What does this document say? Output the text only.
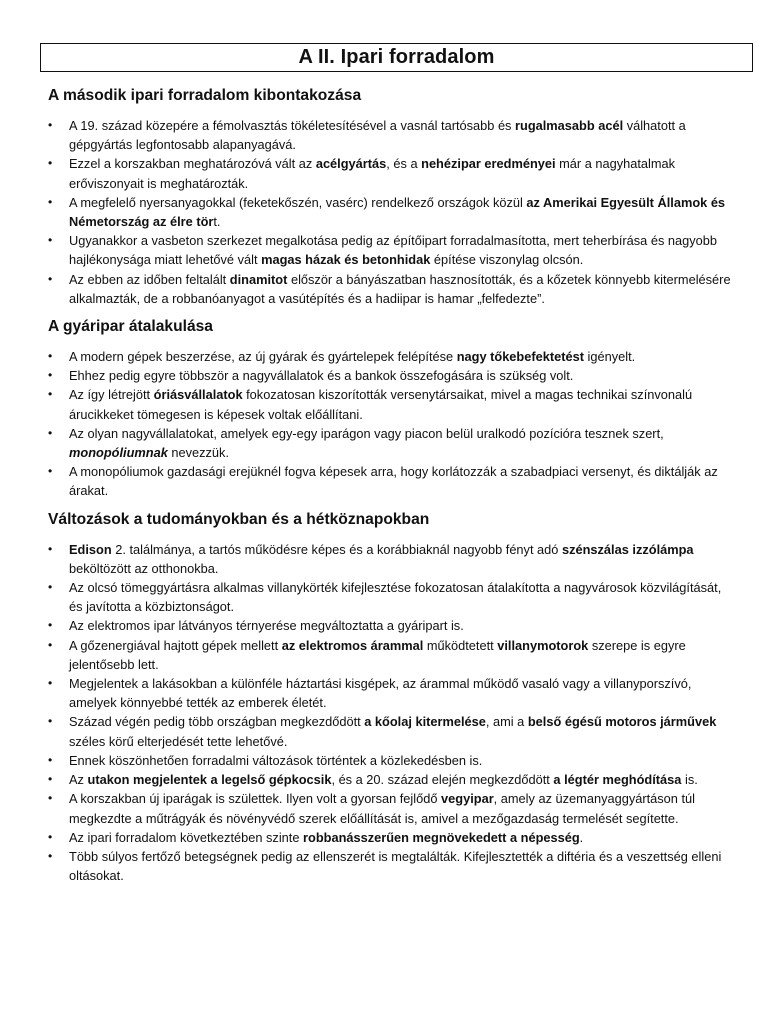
A II. Ipari forradalom
A második ipari forradalom kibontakozása
• A 19. század közepére a fémolvasztás tökéletesítésével a vasnál tartósabb és rugalmasabb acél válhatott a gépgyártás legfontosabb alapanyagává.
• Ezzel a korszakban meghatározóvá vált az acélgyártás, és a nehézipar eredményei már a nagyhatalmak erőviszonyait is meghatározták.
• A megfelelő nyersanyagokkal (feketekőszén, vasérc) rendelkező országok közül az Amerikai Egyesült Államok és Németország az élre tört.
• Ugyanakkor a vasbeton szerkezet megalkotása pedig az építőipart forradalmasította, mert teherbírása és nagyobb hajlékonysága miatt lehetővé vált magas házak és betonhidak építése viszonylag olcsón.
• Az ebben az időben feltalált dinamitot először a bányászatban hasznosították, és a kőzetek könnyebb kitermelésére alkalmazták, de a robbanóanyagot a vasútépítés és a hadiipar is hamar „felfedezte”.
A gyáripar átalakulása
• A modern gépek beszerzése, az új gyárak és gyártelepek felépítése nagy tőkebefektetést igényelt.
• Ehhez pedig egyre többször a nagyvállalatok és a bankok összefogására is szükség volt.
• Az így létrejött óriásvállalatok fokozatosan kiszorították versenytársaikat, mivel a magas technikai színvonalú árucikkeket tömegesen is képesek voltak előállítani.
• Az olyan nagyvállalatokat, amelyek egy-egy iparágon vagy piacon belül uralkodó pozícióra tesznek szert, monopóliumnak nevezzük.
• A monopóliumok gazdasági erejüknél fogva képesek arra, hogy korlátozzák a szabadpiaci versenyt, és diktálják az árakat.
Változások a tudományokban és a hétköznapokban
• Edison 2. találmánya, a tartós működésre képes és a korábbiaknál nagyobb fényt adó szénszálas izzólámpa beköltözött az otthonokba.
• Az olcsó tömeggyártásra alkalmas villanykörték kifejlesztése fokozatosan átalakította a nagyvárosok közvilágítását, és javította a közbiztonságot.
• Az elektromos ipar látványos térnyerése megváltoztatta a gyáripart is.
• A gőzenergiával hajtott gépek mellett az elektromos árammal működtetett villanymotorok szerepe is egyre jelentősebb lett.
• Megjelentek a lakásokban a különféle háztartási kisgépek, az árammal működő vasaló vagy a villanyporszívó, amelyek könnyebbé tették az emberek életét.
• Század végén pedig több országban megkezdődött a kőolaj kitermelése, ami a belső égésű motoros járművek széles körű elterjedését tette lehetővé.
• Ennek köszönhetően forradalmi változások történtek a közlekedésben is.
• Az utakon megjelentek a legelső gépkocsik, és a 20. század elején megkezdődött a légtér meghódítása is.
• A korszakban új iparágak is születtek. Ilyen volt a gyorsan fejlődő vegyipar, amely az üzemanyaggyártáson túl megkezdte a műtrágyák és növényvédő szerek előállítását is, amivel a mezőgazdaság termelését segítette.
• Az ipari forradalom következtében szinte robbanásszerűen megnövekedett a népesség.
• Több súlyos fertőző betegségnek pedig az ellenszerét is megtalálták. Kifejlesztették a diftéria és a veszettség elleni oltásokat.
